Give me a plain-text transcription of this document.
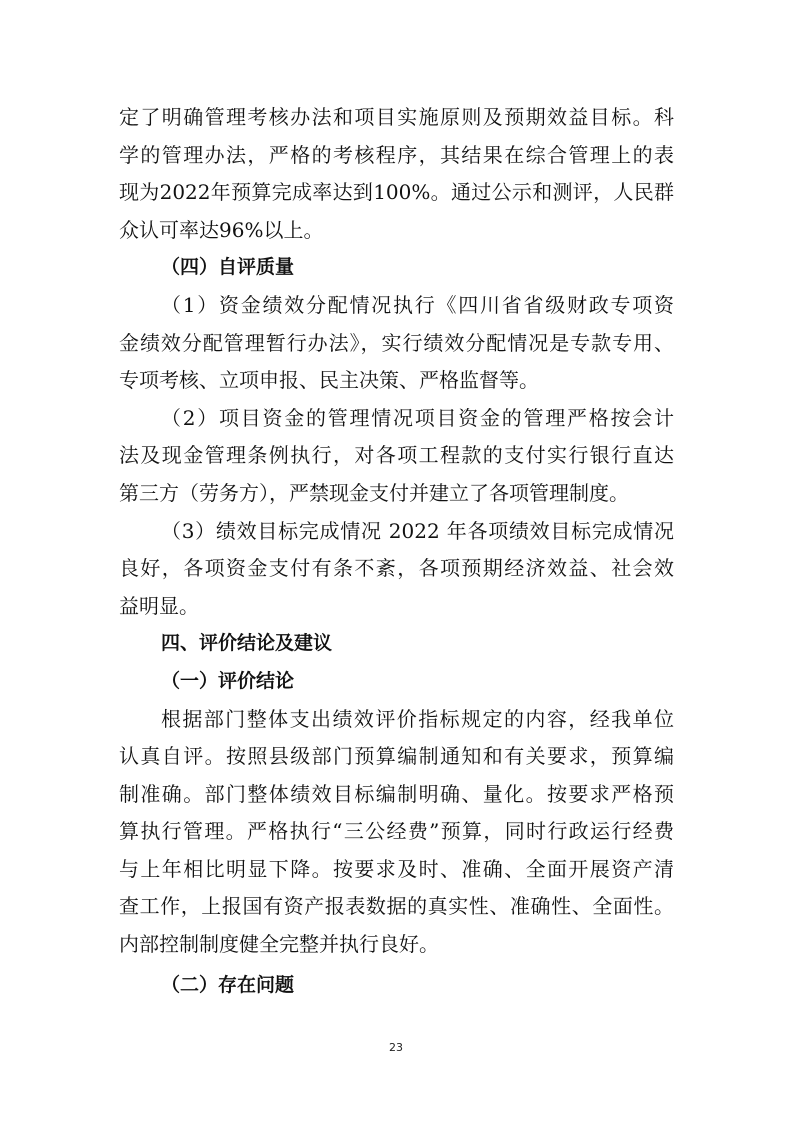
定了明确管理考核办法和项目实施原则及预期效益目标。科
学的管理办法，严格的考核程序，其结果在综合管理上的表
现为2022年预算完成率达到100%。通过公示和测评，人民群
众认可率达96%以上。
（四）自评质量
（1）资金绩效分配情况执行《四川省省级财政专项资
金绩效分配管理暂行办法》，实行绩效分配情况是专款专用、
专项考核、立项申报、民主决策、严格监督等。
（2）项目资金的管理情况项目资金的管理严格按会计
法及现金管理条例执行，对各项工程款的支付实行银行直达
第三方（劳务方），严禁现金支付并建立了各项管理制度。
（3）绩效目标完成情况 2022 年各项绩效目标完成情况
良好，各项资金支付有条不紊，各项预期经济效益、社会效
益明显。
四、评价结论及建议
（一）评价结论
根据部门整体支出绩效评价指标规定的内容，经我单位
认真自评。按照县级部门预算编制通知和有关要求，预算编
制准确。部门整体绩效目标编制明确、量化。按要求严格预
算执行管理。严格执行“三公经费”预算，同时行政运行经费
与上年相比明显下降。按要求及时、准确、全面开展资产清
查工作，上报国有资产报表数据的真实性、准确性、全面性。
内部控制制度健全完整并执行良好。
（二）存在问题
23
